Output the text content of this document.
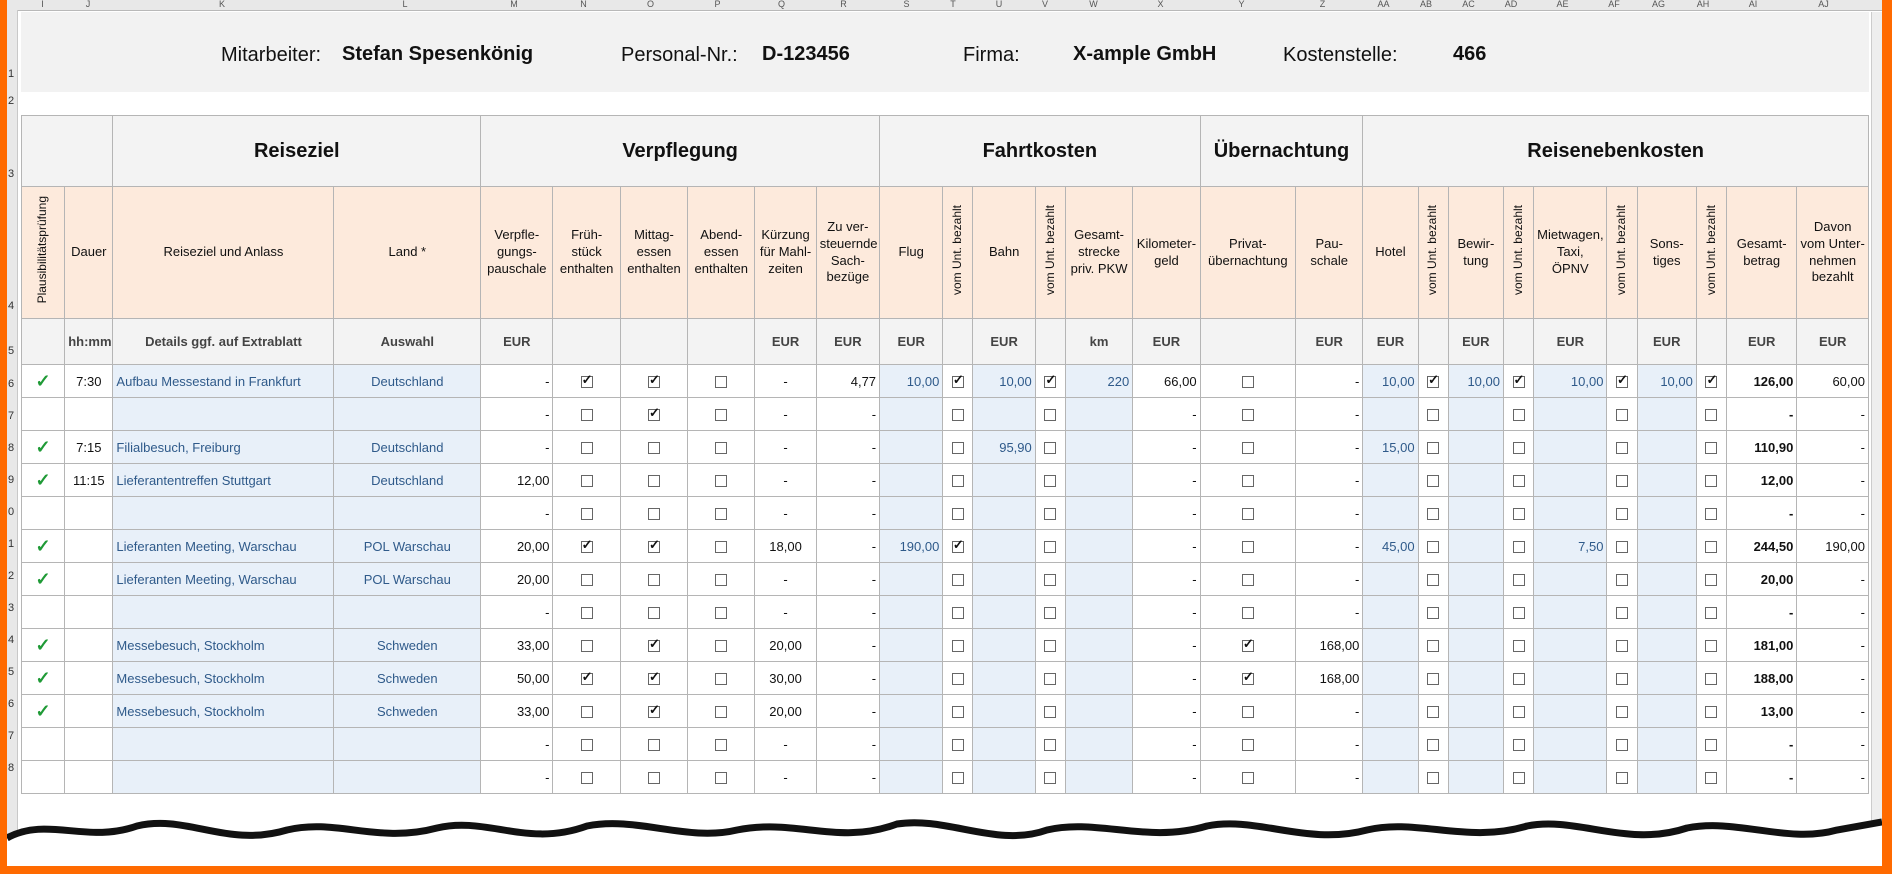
I	J	K	L	M	N	O	P	Q	R	S	T	U	V	W	X	Y	Z	AA	AB	AC	AD	AE	AF	AG	AH	AI	AJ
1
2
3
4
5
6
7
8
9
0
1
2
3
4
5
6
7
8
Mitarbeiter: Stefan Spesenkönig	Personal-Nr.: D-123456	Firma:	X-ample GmbH	Kostenstelle:	466
		Reiseziel		Verpflegung						Fahrtkosten						Übernachtung		Reisenebenkosten									
Plausibilitätsprüfung	Dauer	Reiseziel und Anlass	Land *	Verpfle-
gungs-
pauschale	Früh-
stück
enthalten	Mittag-
essen
enthalten	Abend-
essen
enthalten	Kürzung
für Mahl-
zeiten	Zu ver-
steuernde
Sach-
bezüge	Flug	vom Unt. bezahlt	Bahn	vom Unt. bezahlt	Gesamt-
strecke
priv. PKW	Kilometer-
geld	Privat-
übernachtung	Pau-
schale	Hotel	vom Unt. bezahlt	Bewir-
tung	vom Unt. bezahlt	Mietwagen,
Taxi,
ÖPNV	vom Unt. bezahlt	Sons-
tiges	vom Unt. bezahlt	Gesamt-
betrag	Davon
vom Unter-
nehmen
bezahlt
	hh:mm	Details ggf. auf Extrablatt	Auswahl	EUR				EUR	EUR	EUR		EUR		km	EUR		EUR	EUR		EUR		EUR		EUR		EUR	EUR
✓	7:30	Aufbau Messestand in Frankfurt	Deutschland	-	✓	✓		-	4,77	10,00	✓	10,00	✓	220	66,00		-	10,00	✓	10,00	✓	10,00	✓	10,00	✓	126,00	60,00
				-		✓		-	-						-		-									-	-
✓	7:15	Filialbesuch, Freiburg	Deutschland	-				-	-			95,90			-		-	15,00								110,90	-
✓	11:15	Lieferantentreffen Stuttgart	Deutschland	12,00				-	-						-		-									12,00	-
				-				-	-						-		-									-	-
✓		Lieferanten Meeting, Warschau	POL Warschau	20,00	✓	✓		18,00	-	190,00	✓				-		-	45,00				7,50				244,50	190,00
✓		Lieferanten Meeting, Warschau	POL Warschau	20,00				-	-						-		-									20,00	-
				-				-	-						-		-									-	-
✓		Messebesuch, Stockholm	Schweden	33,00		✓		20,00	-						-	✓	168,00									181,00	-
✓		Messebesuch, Stockholm	Schweden	50,00	✓	✓		30,00	-						-	✓	168,00									188,00	-
✓		Messebesuch, Stockholm	Schweden	33,00		✓		20,00	-						-		-									13,00	-
				-				-	-						-		-									-	-
				-				-	-						-		-									-	-
